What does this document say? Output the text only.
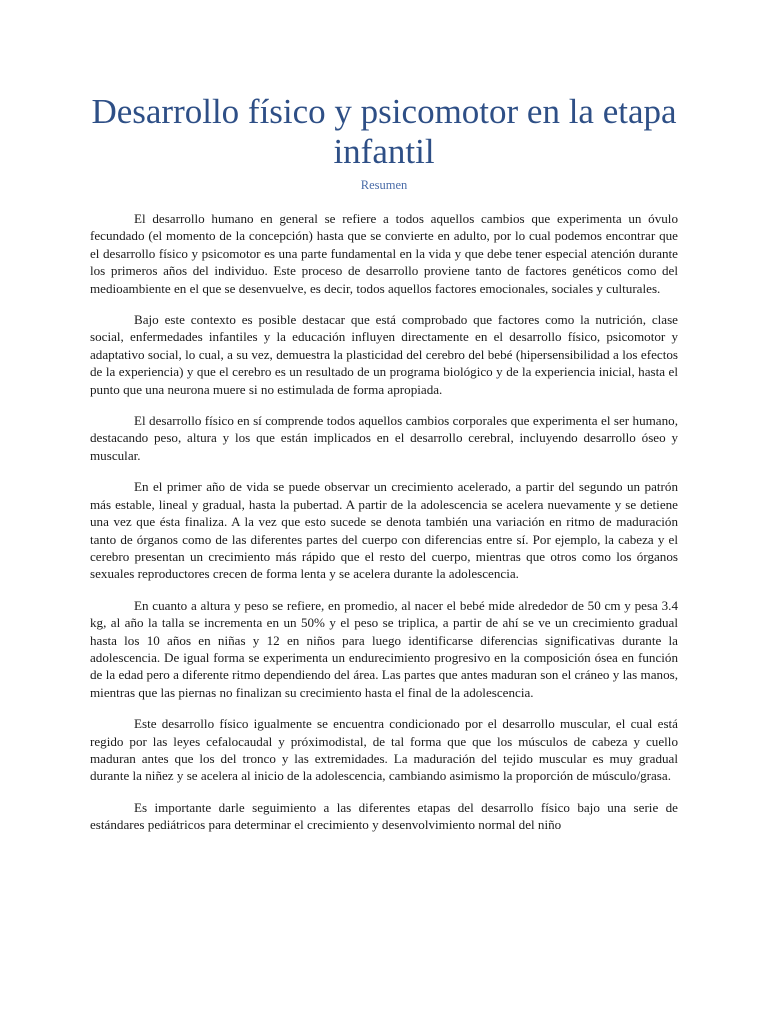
Desarrollo físico y psicomotor en la etapa infantil
Resumen

El desarrollo humano en general se refiere a todos aquellos cambios que experimenta un óvulo fecundado (el momento de la concepción) hasta que se convierte en adulto, por lo cual podemos encontrar que el desarrollo físico y psicomotor es una parte fundamental en la vida y que debe tener especial atención durante los primeros años del individuo. Este proceso de desarrollo proviene tanto de factores genéticos como del medioambiente en el que se desenvuelve, es decir, todos aquellos factores emocionales, sociales y culturales.

Bajo este contexto es posible destacar que está comprobado que factores como la nutrición, clase social, enfermedades infantiles y la educación influyen directamente en el desarrollo físico, psicomotor y adaptativo social, lo cual, a su vez, demuestra la plasticidad del cerebro del bebé (hipersensibilidad a los efectos de la experiencia) y que el cerebro es un resultado de un programa biológico y de la experiencia inicial, hasta el punto que una neurona muere si no estimulada de forma apropiada.

El desarrollo físico en sí comprende todos aquellos cambios corporales que experimenta el ser humano, destacando peso, altura y los que están implicados en el desarrollo cerebral, incluyendo desarrollo óseo y muscular.

En el primer año de vida se puede observar un crecimiento acelerado, a partir del segundo un patrón más estable, lineal y gradual, hasta la pubertad. A partir de la adolescencia se acelera nuevamente y se detiene una vez que ésta finaliza. A la vez que esto sucede se denota también una variación en ritmo de maduración tanto de órganos como de las diferentes partes del cuerpo con diferencias entre sí. Por ejemplo, la cabeza y el cerebro presentan un crecimiento más rápido que el resto del cuerpo, mientras que otros como los órganos sexuales reproductores crecen de forma lenta y se acelera durante la adolescencia.

En cuanto a altura y peso se refiere, en promedio, al nacer el bebé mide alrededor de 50 cm y pesa 3.4 kg, al año la talla se incrementa en un 50% y el peso se triplica, a partir de ahí se ve un crecimiento gradual hasta los 10 años en niñas y 12 en niños para luego identificarse diferencias significativas durante la adolescencia. De igual forma se experimenta un endurecimiento progresivo en la composición ósea en función de la edad pero a diferente ritmo dependiendo del área. Las partes que antes maduran son el cráneo y las manos, mientras que las piernas no finalizan su crecimiento hasta el final de la adolescencia.

Este desarrollo físico igualmente se encuentra condicionado por el desarrollo muscular, el cual está regido por las leyes cefalocaudal y próximodistal, de tal forma que que los músculos de cabeza y cuello maduran antes que los del tronco y las extremidades. La maduración del tejido muscular es muy gradual durante la niñez y se acelera al inicio de la adolescencia, cambiando asimismo la proporción de músculo/grasa.

Es importante darle seguimiento a las diferentes etapas del desarrollo físico bajo una serie de estándares pediátricos para determinar el crecimiento y desenvolvimiento normal del niño
